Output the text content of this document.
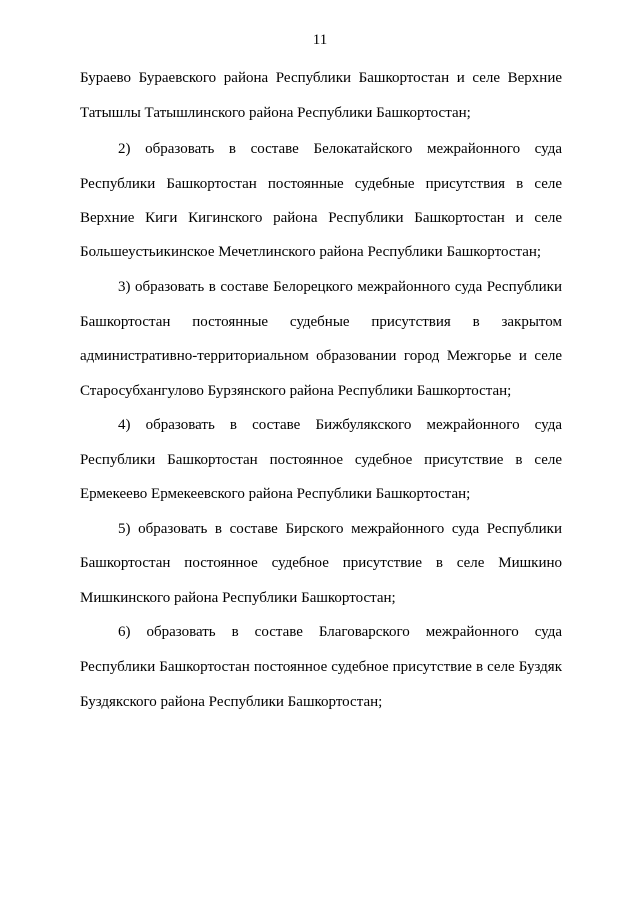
11
Бураево Бураевского района Республики Башкортостан и селе Верхние
Татышлы Татышлинского района Республики Башкортостан;
2) образовать в составе Белокатайского межрайонного суда
Республики Башкортостан постоянные судебные присутствия в селе
Верхние Киги Кигинского района Республики Башкортостан и селе
Большеустьикинское Мечетлинского района Республики Башкортостан;
3) образовать в составе Белорецкого межрайонного суда Республики
Башкортостан постоянные судебные присутствия в закрытом
административно-территориальном образовании город Межгорье и селе
Старосубхангулово Бурзянского района Республики Башкортостан;
4) образовать в составе Бижбулякского межрайонного суда
Республики Башкортостан постоянное судебное присутствие в селе
Ермекеево Ермекеевского района Республики Башкортостан;
5) образовать в составе Бирского межрайонного суда Республики
Башкортостан постоянное судебное присутствие в селе Мишкино
Мишкинского района Республики Башкортостан;
6) образовать в составе Благоварского межрайонного суда
Республики Башкортостан постоянное судебное присутствие в селе Буздяк
Буздякского района Республики Башкортостан;
